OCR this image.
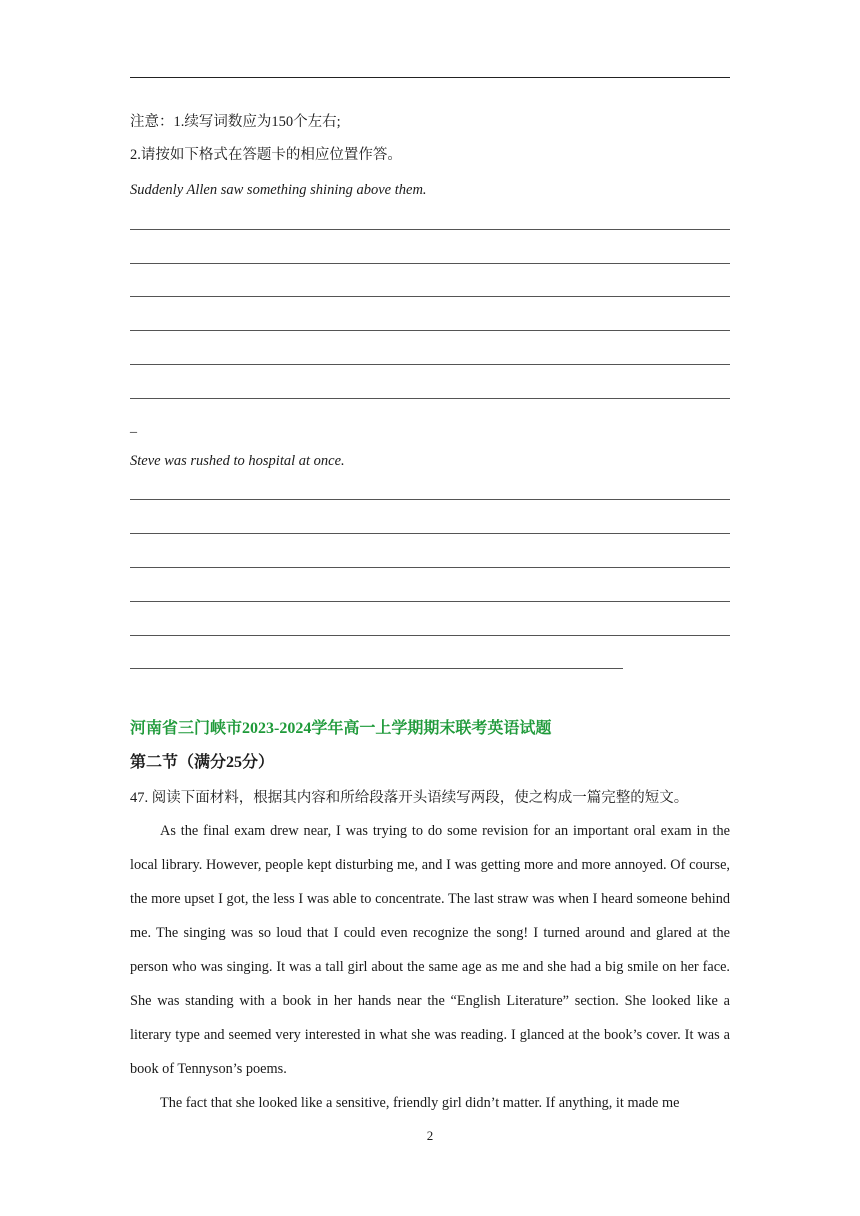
注意：1.续写词数应为150个左右;
2.请按如下格式在答题卡的相应位置作答。
Suddenly Allen saw something shining above them.
_
Steve was rushed to hospital at once.
河南省三门峡市2023-2024学年高一上学期期末联考英语试题
第二节（满分25分）
47. 阅读下面材料，根据其内容和所给段落开头语续写两段，使之构成一篇完整的短文。

As the final exam drew near, I was trying to do some revision for an important oral exam in the local library. However, people kept disturbing me, and I was getting more and more annoyed. Of course, the more upset I got, the less I was able to concentrate. The last straw was when I heard someone behind me. The singing was so loud that I could even recognize the song! I turned around and glared at the person who was singing. It was a tall girl about the same age as me and she had a big smile on her face. She was standing with a book in her hands near the “English Literature” section. She looked like a literary type and seemed very interested in what she was reading. I glanced at the book’s cover. It was a book of Tennyson’s poems.

The fact that she looked like a sensitive, friendly girl didn’t matter. If anything, it made me

2
